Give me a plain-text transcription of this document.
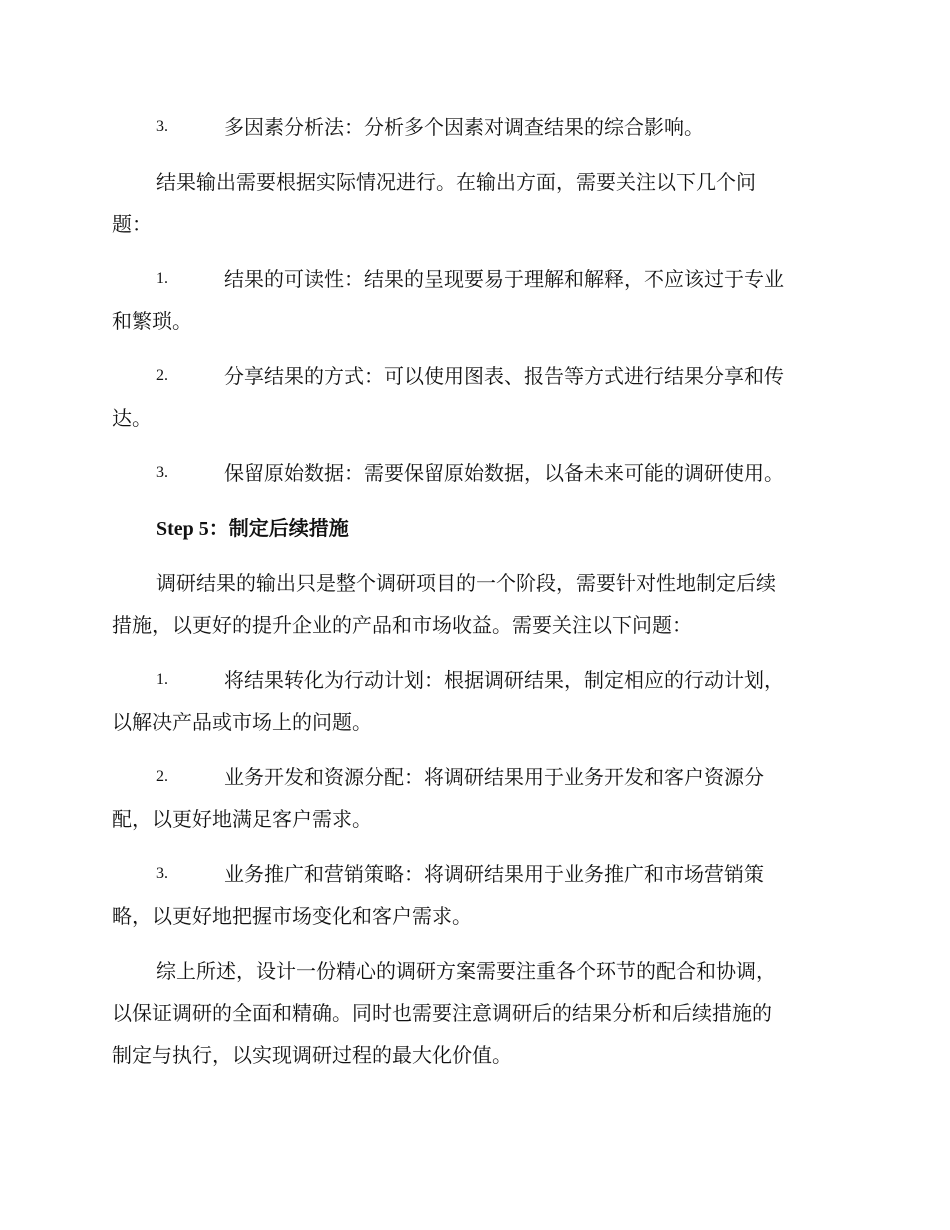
3.	多因素分析法：分析多个因素对调查结果的综合影响。
结果输出需要根据实际情况进行。在输出方面，需要关注以下几个问
题：
1.	结果的可读性：结果的呈现要易于理解和解释，不应该过于专业
和繁琐。
2.	分享结果的方式：可以使用图表、报告等方式进行结果分享和传
达。
3.	保留原始数据：需要保留原始数据，以备未来可能的调研使用。
Step 5：制定后续措施
调研结果的输出只是整个调研项目的一个阶段，需要针对性地制定后续
措施，以更好的提升企业的产品和市场收益。需要关注以下问题：
1.	将结果转化为行动计划：根据调研结果，制定相应的行动计划，
以解决产品或市场上的问题。
2.	业务开发和资源分配：将调研结果用于业务开发和客户资源分
配，以更好地满足客户需求。
3.	业务推广和营销策略：将调研结果用于业务推广和市场营销策
略，以更好地把握市场变化和客户需求。
综上所述，设计一份精心的调研方案需要注重各个环节的配合和协调，
以保证调研的全面和精确。同时也需要注意调研后的结果分析和后续措施的
制定与执行，以实现调研过程的最大化价值。
